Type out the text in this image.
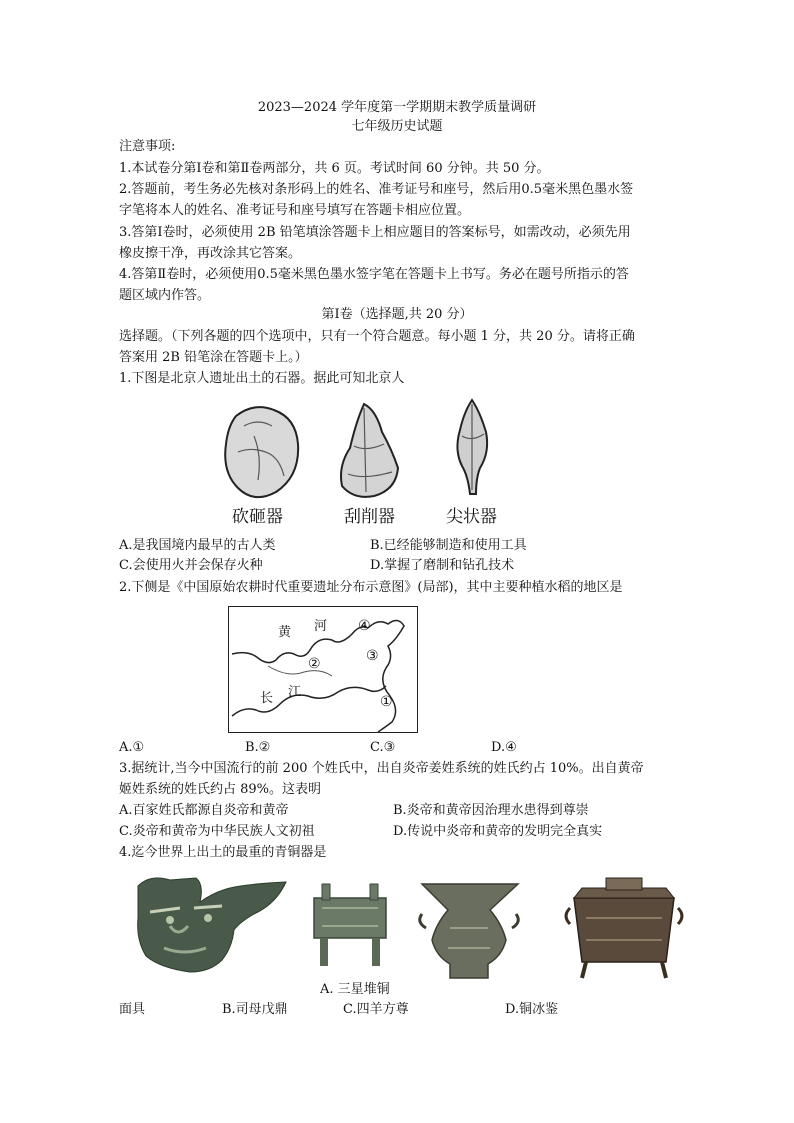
2023—2024 学年度第一学期期末教学质量调研
七年级历史试题
注意事项:
1.本试卷分第Ⅰ卷和第Ⅱ卷两部分，共 6 页。考试时间 60 分钟。共 50 分。
2.答题前，考生务必先核对条形码上的姓名、准考证号和座号，然后用0.5毫米黑色墨水签
字笔将本人的姓名、准考证号和座号填写在答题卡相应位置。
3.答第Ⅰ卷时，必须使用 2B 铅笔填涂答题卡上相应题目的答案标号，如需改动，必须先用
橡皮擦干净，再改涂其它答案。
4.答第Ⅱ卷时，必须使用0.5毫米黑色墨水签字笔在答题卡上书写。务必在题号所指示的答
题区域内作答。
第Ⅰ卷（选择题,共 20 分）
选择题。（下列各题的四个选项中，只有一个符合题意。每小题 1 分，共 20 分。请将正确
答案用 2B 铅笔涂在答题卡上。）
1.下图是北京人遗址出土的石器。据此可知北京人
砍砸器	刮削器	尖状器
A.是我国境内最早的古人类	B.已经能够制造和使用工具
C.会使用火并会保存火种	D.掌握了磨制和钻孔技术
2.下侧是《中国原始农耕时代重要遗址分布示意图》(局部)，其中主要种植水稻的地区是
黄 河
长 江
①
②	③
④
A.①	B.②	C.③	D.④
3.据统计,当今中国流行的前 200 个姓氏中，出自炎帝姜姓系统的姓氏约占 10%。出自黄帝
姬姓系统的姓氏约占 89%。这表明
A.百家姓氏都源自炎帝和黄帝	B.炎帝和黄帝因治理水患得到尊崇
C.炎帝和黄帝为中华民族人文初祖	D.传说中炎帝和黄帝的发明完全真实
4.迄今世界上出土的最重的青铜器是
A. 三星堆铜
面具	B.司母戊鼎	C.四羊方尊	D.铜冰鉴
